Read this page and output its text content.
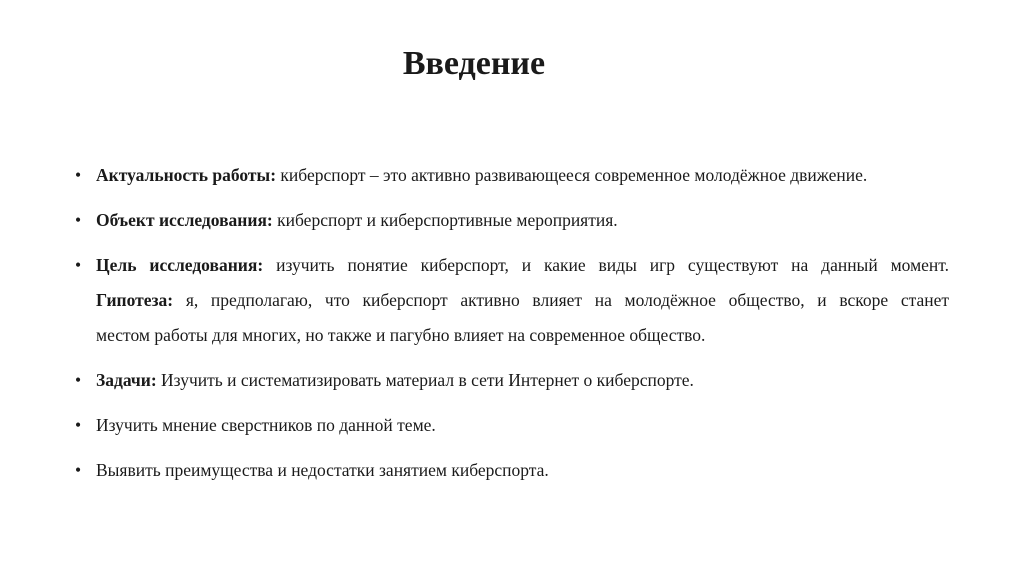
Введение
• Актуальность работы: киберспорт – это активно развивающееся современное молодёжное движение.
• Объект исследования: киберспорт и киберспортивные мероприятия.
• Цель исследования: изучить понятие киберспорт, и какие виды игр существуют на данный момент.
Гипотеза: я, предполагаю, что киберспорт активно влияет на молодёжное общество, и вскоре станет
местом работы для многих, но также и пагубно влияет на современное общество.
• Задачи: Изучить и систематизировать материал в сети Интернет о киберспорте.
• Изучить мнение сверстников по данной теме.
• Выявить преимущества и недостатки занятием киберспорта.
